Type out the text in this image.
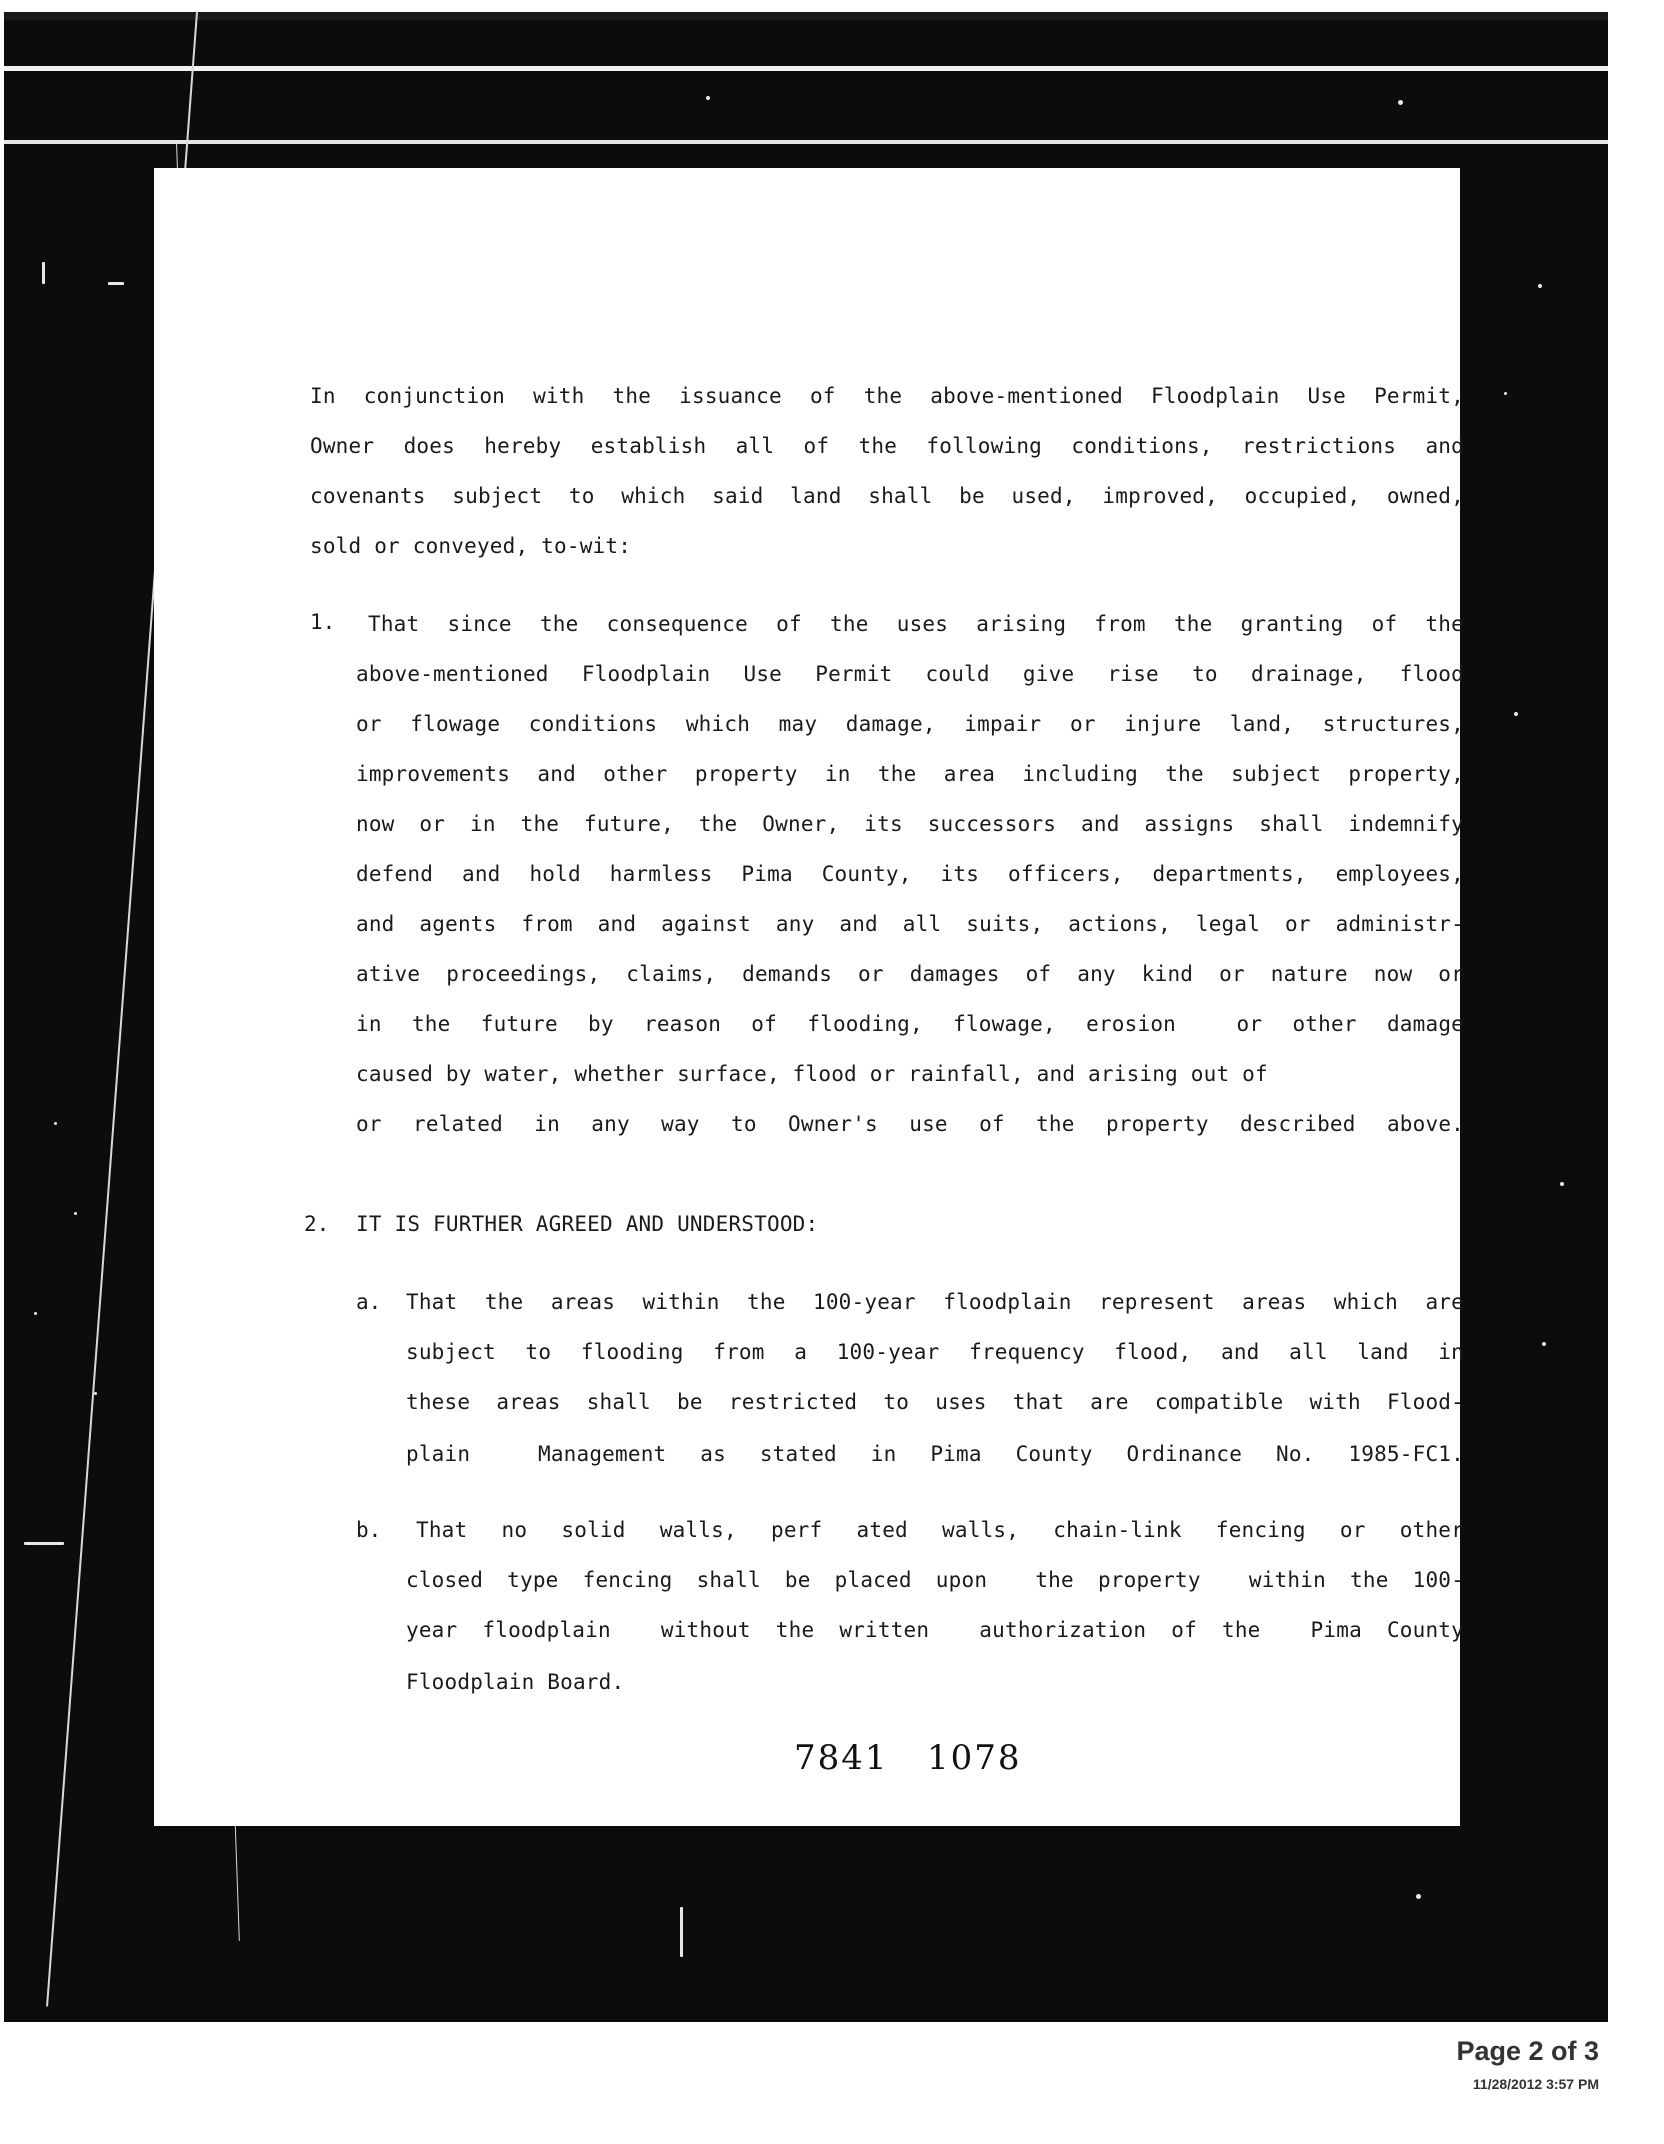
In conjunction with the issuance of the above-mentioned Floodplain Use Permit,
Owner does hereby establish all of the following conditions, restrictions and
covenants subject to which said land shall be used, improved, occupied, owned,
sold or conveyed, to-wit:
1. That since the consequence of the uses arising from the granting of the
above-mentioned Floodplain Use Permit could give rise to drainage, flood
or flowage conditions which may damage, impair or injure land, structures,
improvements and other property in the area including the subject property,
now or in the future, the Owner, its successors and assigns shall indemnify
defend and hold harmless Pima County, its officers, departments, employees,
and agents from and against any and all suits, actions, legal or administr-
ative proceedings, claims, demands or damages of any kind or nature now or
in the future by reason of flooding, flowage, erosion  or other damage
caused by water, whether surface, flood or rainfall, and arising out of
or related in any way to Owner's use of the property described above.
2. IT IS FURTHER AGREED AND UNDERSTOOD:
a. That the areas within the 100-year floodplain represent areas which are
subject to flooding from a 100-year frequency flood, and all land in
these areas shall be restricted to uses that are compatible with Flood-
plain  Management as stated in Pima County Ordinance No. 1985-FC1.
b. That no solid walls, perf ated walls, chain-link fencing or other
closed type fencing shall be placed upon  the property  within the 100-
year floodplain  without the written  authorization of the  Pima County
Floodplain Board.
7841   1078
Page 2 of 3
11/28/2012 3:57 PM
